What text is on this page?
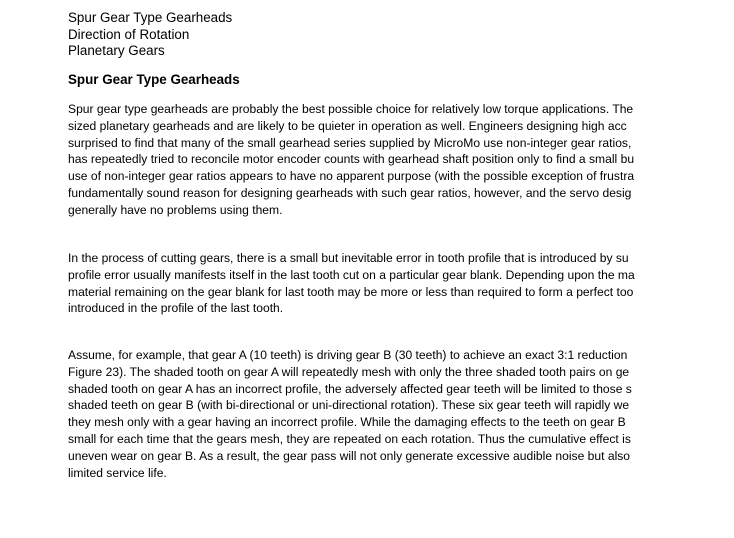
Spur Gear Type Gearheads
Direction of Rotation
Planetary Gears
Spur Gear Type Gearheads
Spur gear type gearheads are probably the best possible choice for relatively low torque applications. The
sized planetary gearheads and are likely to be quieter in operation as well. Engineers designing high acc
surprised to find that many of the small gearhead series supplied by MicroMo use non-integer gear ratios,
has repeatedly tried to reconcile motor encoder counts with gearhead shaft position only to find a small bu
use of non-integer gear ratios appears to have no apparent purpose (with the possible exception of frustra
fundamentally sound reason for designing gearheads with such gear ratios, however, and the servo desig
generally have no problems using them.
In the process of cutting gears, there is a small but inevitable error in tooth profile that is introduced by su
profile error usually manifests itself in the last tooth cut on a particular gear blank. Depending upon the ma
material remaining on the gear blank for last tooth may be more or less than required to form a perfect too
introduced in the profile of the last tooth.
Assume, for example, that gear A (10 teeth) is driving gear B (30 teeth) to achieve an exact 3:1 reduction
Figure 23). The shaded tooth on gear A will repeatedly mesh with only the three shaded tooth pairs on ge
shaded tooth on gear A has an incorrect profile, the adversely affected gear teeth will be limited to those s
shaded teeth on gear B (with bi-directional or uni-directional rotation). These six gear teeth will rapidly we
they mesh only with a gear having an incorrect profile. While the damaging effects to the teeth on gear B
small for each time that the gears mesh, they are repeated on each rotation. Thus the cumulative effect is
uneven wear on gear B. As a result, the gear pass will not only generate excessive audible noise but also
limited service life.
